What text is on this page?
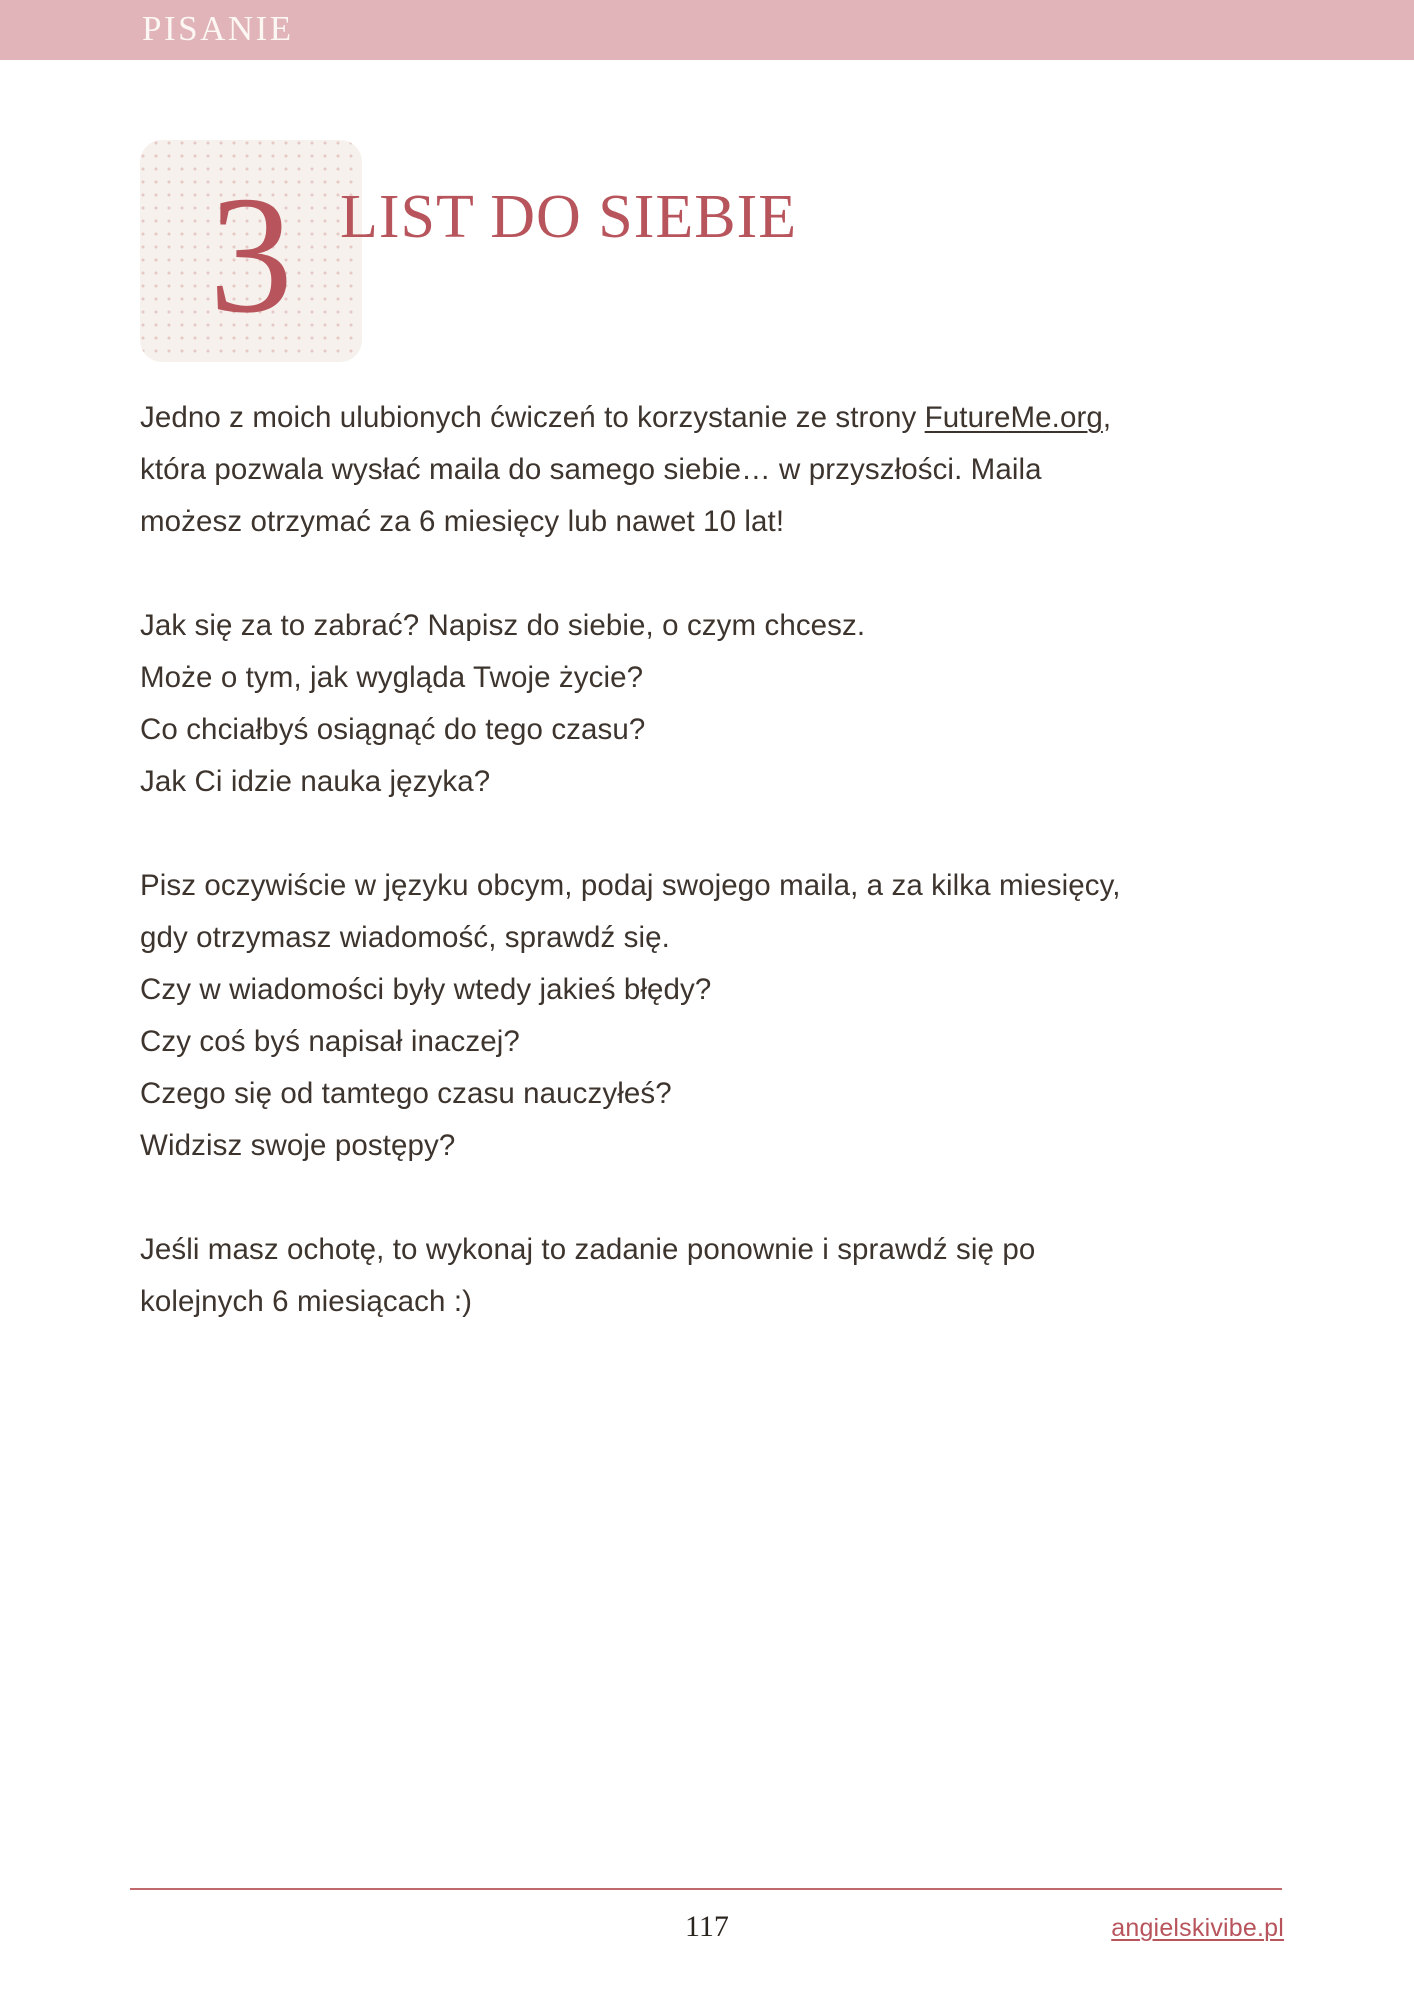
PISANIE
3 LIST DO SIEBIE
Jedno z moich ulubionych ćwiczeń to korzystanie ze strony FutureMe.org,
która pozwala wysłać maila do samego siebie… w przyszłości. Maila
możesz otrzymać za 6 miesięcy lub nawet 10 lat!
Jak się za to zabrać? Napisz do siebie, o czym chcesz.
Może o tym, jak wygląda Twoje życie?
Co chciałbyś osiągnąć do tego czasu?
Jak Ci idzie nauka języka?
Pisz oczywiście w języku obcym, podaj swojego maila, a za kilka miesięcy,
gdy otrzymasz wiadomość, sprawdź się.
Czy w wiadomości były wtedy jakieś błędy?
Czy coś byś napisał inaczej?
Czego się od tamtego czasu nauczyłeś?
Widzisz swoje postępy?
Jeśli masz ochotę, to wykonaj to zadanie ponownie i sprawdź się po
kolejnych 6 miesiącach :)
117	angielskivibe.pl
